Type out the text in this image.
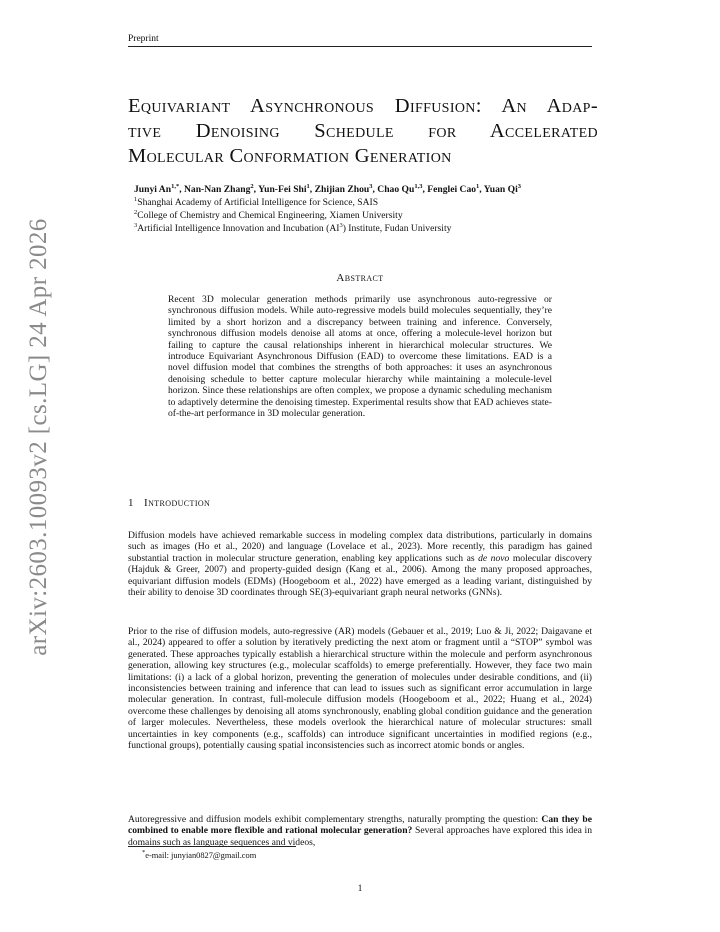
Preprint
arXiv:2603.10093v2 [cs.LG] 24 Apr 2026
Equivariant Asynchronous Diffusion: An Adap-
tive Denoising Schedule for Accelerated
Molecular Conformation Generation
Junyi $An^{1,*}$, Nan-Nan Zhang$^2$, Yun-Fei Shi$^1$, Zhijian Zhou$^3$, Chao Qu$^{1,3}$, Fenglei Cao$^1$, Yuan Qi$^3$
$^1$Shanghai Academy of Artificial Intelligence for Science, SAIS
$^2$College of Chemistry and Chemical Engineering, Xiamen University
$^3$Artificial Intelligence Innovation and Incubation $(AI^3)$ Institute, Fudan University
Abstract
Recent 3D molecular generation methods primarily use asynchronous auto-regressive or synchronous diffusion models. While auto-regressive models build molecules sequentially, they’re limited by a short horizon and a discrepancy between training and inference. Conversely, synchronous diffusion models denoise all atoms at once, offering a molecule-level horizon but failing to capture the causal relationships inherent in hierarchical molecular structures. We introduce Equivariant Asynchronous Diffusion (EAD) to overcome these limitations. EAD is a novel diffusion model that combines the strengths of both approaches: it uses an asynchronous denoising schedule to better capture molecular hierarchy while maintaining a molecule-level horizon. Since these relationships are often complex, we propose a dynamic scheduling mechanism to adaptively determine the denoising timestep. Experimental results show that EAD achieves state-of-the-art performance in 3D molecular generation.
1 Introduction
Diffusion models have achieved remarkable success in modeling complex data distributions, particularly in domains such as images (Ho et al., 2020) and language (Lovelace et al., 2023). More recently, this paradigm has gained substantial traction in molecular structure generation, enabling key applications such as de novo molecular discovery (Hajduk & Greer, 2007) and property-guided design (Kang et al., 2006). Among the many proposed approaches, equivariant diffusion models (EDMs) (Hoogeboom et al., 2022) have emerged as a leading variant, distinguished by their ability to denoise 3D coordinates through SE(3)-equivariant graph neural networks (GNNs).
Prior to the rise of diffusion models, auto-regressive (AR) models (Gebauer et al., 2019; Luo & Ji, 2022; Daigavane et al., 2024) appeared to offer a solution by iteratively predicting the next atom or fragment until a “STOP” symbol was generated. These approaches typically establish a hierarchical structure within the molecule and perform asynchronous generation, allowing key structures (e.g., molecular scaffolds) to emerge preferentially. However, they face two main limitations: (i) a lack of a global horizon, preventing the generation of molecules under desirable conditions, and (ii) inconsistencies between training and inference that can lead to issues such as significant error accumulation in large molecular generation. In contrast, full-molecule diffusion models (Hoogeboom et al., 2022; Huang et al., 2024) overcome these challenges by denoising all atoms synchronously, enabling global condition guidance and the generation of larger molecules. Nevertheless, these models overlook the hierarchical nature of molecular structures: small uncertainties in key components (e.g., scaffolds) can introduce significant uncertainties in modified regions (e.g., functional groups), potentially causing spatial inconsistencies such as incorrect atomic bonds or angles.
Autoregressive and diffusion models exhibit complementary strengths, naturally prompting the question: Can they be combined to enable more flexible and rational molecular generation? Several approaches have explored this idea in domains such as language sequences and videos,
*e-mail: junyian0827@gmail.com
1
